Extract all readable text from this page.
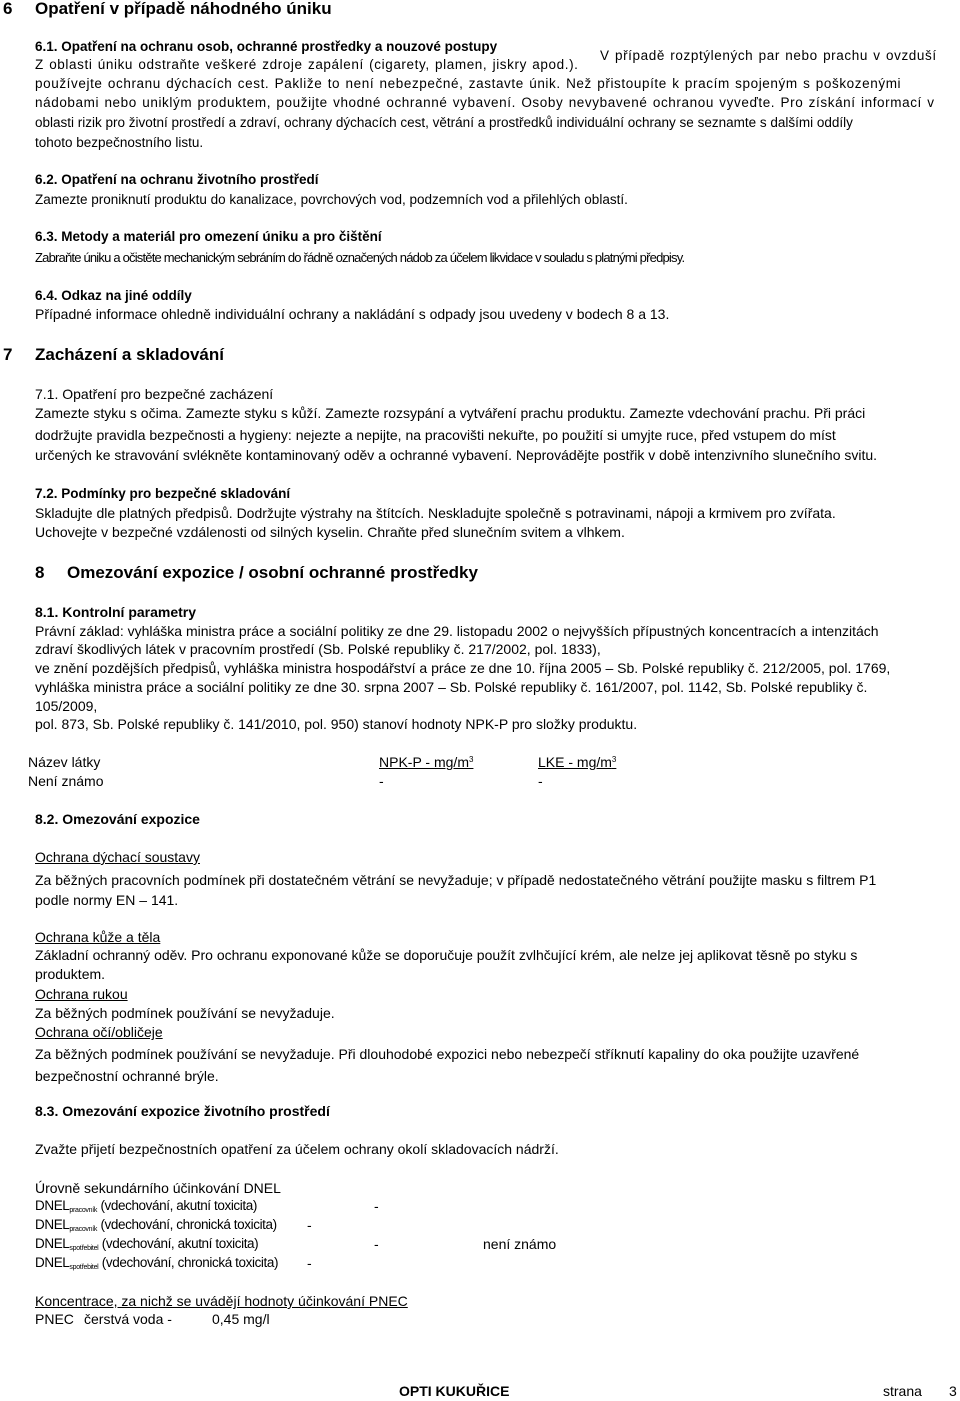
6 Opatření v případě náhodného úniku
6.1. Opatření na ochranu osob, ochranné prostředky a nouzové postupy
Z oblasti úniku odstraňte veškeré zdroje zapálení (cigarety, plamen, jiskry apod.).
V případě rozptýlených par nebo prachu v ovzduší
používejte ochranu dýchacích cest. Pakliže to není nebezpečné, zastavte únik. Než přistoupíte k pracím spojeným s poškozenými
nádobami nebo uniklým produktem, použijte vhodné ochranné vybavení. Osoby nevybavené ochranou vyveďte. Pro získání informací v
oblasti rizik pro životní prostředí a zdraví, ochrany dýchacích cest, větrání a prostředků individuální ochrany se seznamte s dalšími oddíly
tohoto bezpečnostního listu.
6.2. Opatření na ochranu životního prostředí
Zamezte proniknutí produktu do kanalizace, povrchových vod, podzemních vod a přilehlých oblastí.
6.3. Metody a materiál pro omezení úniku a pro čištění
Zabraňte úniku a očistěte mechanickým sebráním do řádně označených nádob za účelem likvidace v souladu s platnými předpisy.
6.4. Odkaz na jiné oddíly
Případné informace ohledně individuální ochrany a nakládání s odpady jsou uvedeny v bodech 8 a 13.
7 Zacházení a skladování
7.1. Opatření pro bezpečné zacházení
Zamezte styku s očima. Zamezte styku s kůží. Zamezte rozsypání a vytváření prachu produktu. Zamezte vdechování prachu. Při práci
dodržujte pravidla bezpečnosti a hygieny: nejezte a nepijte, na pracovišti nekuřte, po použití si umyjte ruce, před vstupem do míst
určených ke stravování svlékněte kontaminovaný oděv a ochranné vybavení. Neprovádějte postřik v době intenzivního slunečního svitu.
7.2. Podmínky pro bezpečné skladování
Skladujte dle platných předpisů. Dodržujte výstrahy na štítcích. Neskladujte společně s potravinami, nápoji a krmivem pro zvířata.
Uchovejte v bezpečné vzdálenosti od silných kyselin. Chraňte před slunečním svitem a vlhkem.
8 Omezování expozice / osobní ochranné prostředky
8.1. Kontrolní parametry
Právní základ: vyhláška ministra práce a sociální politiky ze dne 29. listopadu 2002 o nejvyšších přípustných koncentracích a intenzitách
zdraví škodlivých látek v pracovním prostředí (Sb. Polské republiky č. 217/2002, pol. 1833),
ve znění pozdějších předpisů, vyhláška ministra hospodářství a práce ze dne 10. října 2005 – Sb. Polské republiky č. 212/2005, pol. 1769,
vyhláška ministra práce a sociální politiky ze dne 30. srpna 2007 – Sb. Polské republiky č. 161/2007, pol. 1142, Sb. Polské republiky č.
105/2009,
pol. 873, Sb. Polské republiky č. 141/2010, pol. 950) stanoví hodnoty NPK-P pro složky produktu.
Název látky	$NPK-P - mg/m^3$	LKE - $mg/m^3$
Není známo	-	-
8.2. Omezování expozice
Ochrana dýchací soustavy
Za běžných pracovních podmínek při dostatečném větrání se nevyžaduje; v případě nedostatečného větrání použijte masku s filtrem P1
podle normy EN – 141.
Ochrana kůže a těla
Základní ochranný oděv. Pro ochranu exponované kůže se doporučuje použít zvlhčující krém, ale nelze jej aplikovat těsně po styku s
produktem.
Ochrana rukou
Za běžných podmínek používání se nevyžaduje.
Ochrana očí/obličeje
Za běžných podmínek používání se nevyžaduje. Při dlouhodobé expozici nebo nebezpečí stříknutí kapaliny do oka použijte uzavřené
bezpečnostní ochranné brýle.
8.3. Omezování expozice životního prostředí
Zvažte přijetí bezpečnostních opatření za účelem ochrany okolí skladovacích nádrží.
Úrovně sekundárního účinkování DNEL
$DNEL_{pracovník}$ (vdechování, akutní toxicita)	-
$DNEL_{pracovník}$ (vdechování, chronická toxicita) -
$DNEL_{spotřebitel}$ (vdechování, akutní toxicita)	-	není známo
$DNEL_{spotřebitel}$ (vdechování, chronická toxicita) -
Koncentrace, za nichž se uvádějí hodnoty účinkování PNEC
PNEC čerstvá voda -	0,45 mg/l
OPTI KUKUŘICE	strana 3
